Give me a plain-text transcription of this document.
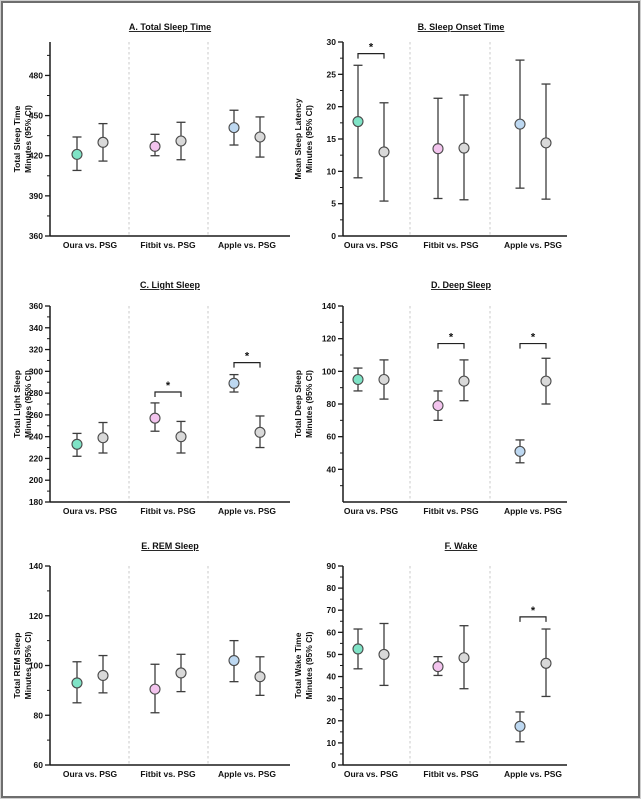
360
390
420
450
480
A. Total Sleep Time
Total Sleep Time Minutes (95% CI)
Oura vs. PSG	Fitbit vs. PSG	Apple vs. PSG
0
5
10
15
20
25
30
B. Sleep Onset Time
Mean Sleep Latency Minutes (95% CI)
Oura vs. PSG
*
Fitbit vs. PSG	Apple vs. PSG
180
200
220
240
260
280
300
320
340
360
C. Light Sleep
Total Light Sleep Minutes (95% CI)
Oura vs. PSG	Fitbit vs. PSG
*
Apple vs. PSG
*
40
60
80
100
120
140
D. Deep Sleep
Total Deep Sleep Minutes (95% CI)
Oura vs. PSG	Fitbit vs. PSG
*
Apple vs. PSG
*
60
80
100
120
140
E. REM Sleep
Total REM Sleep Minutes (95% CI)
Oura vs. PSG	Fitbit vs. PSG	Apple vs. PSG
0
10
20
30
40
50
60
70
80
90
F. Wake
Total Wake Time Minutes (95% CI)
Oura vs. PSG	Fitbit vs. PSG	Apple vs. PSG
*
